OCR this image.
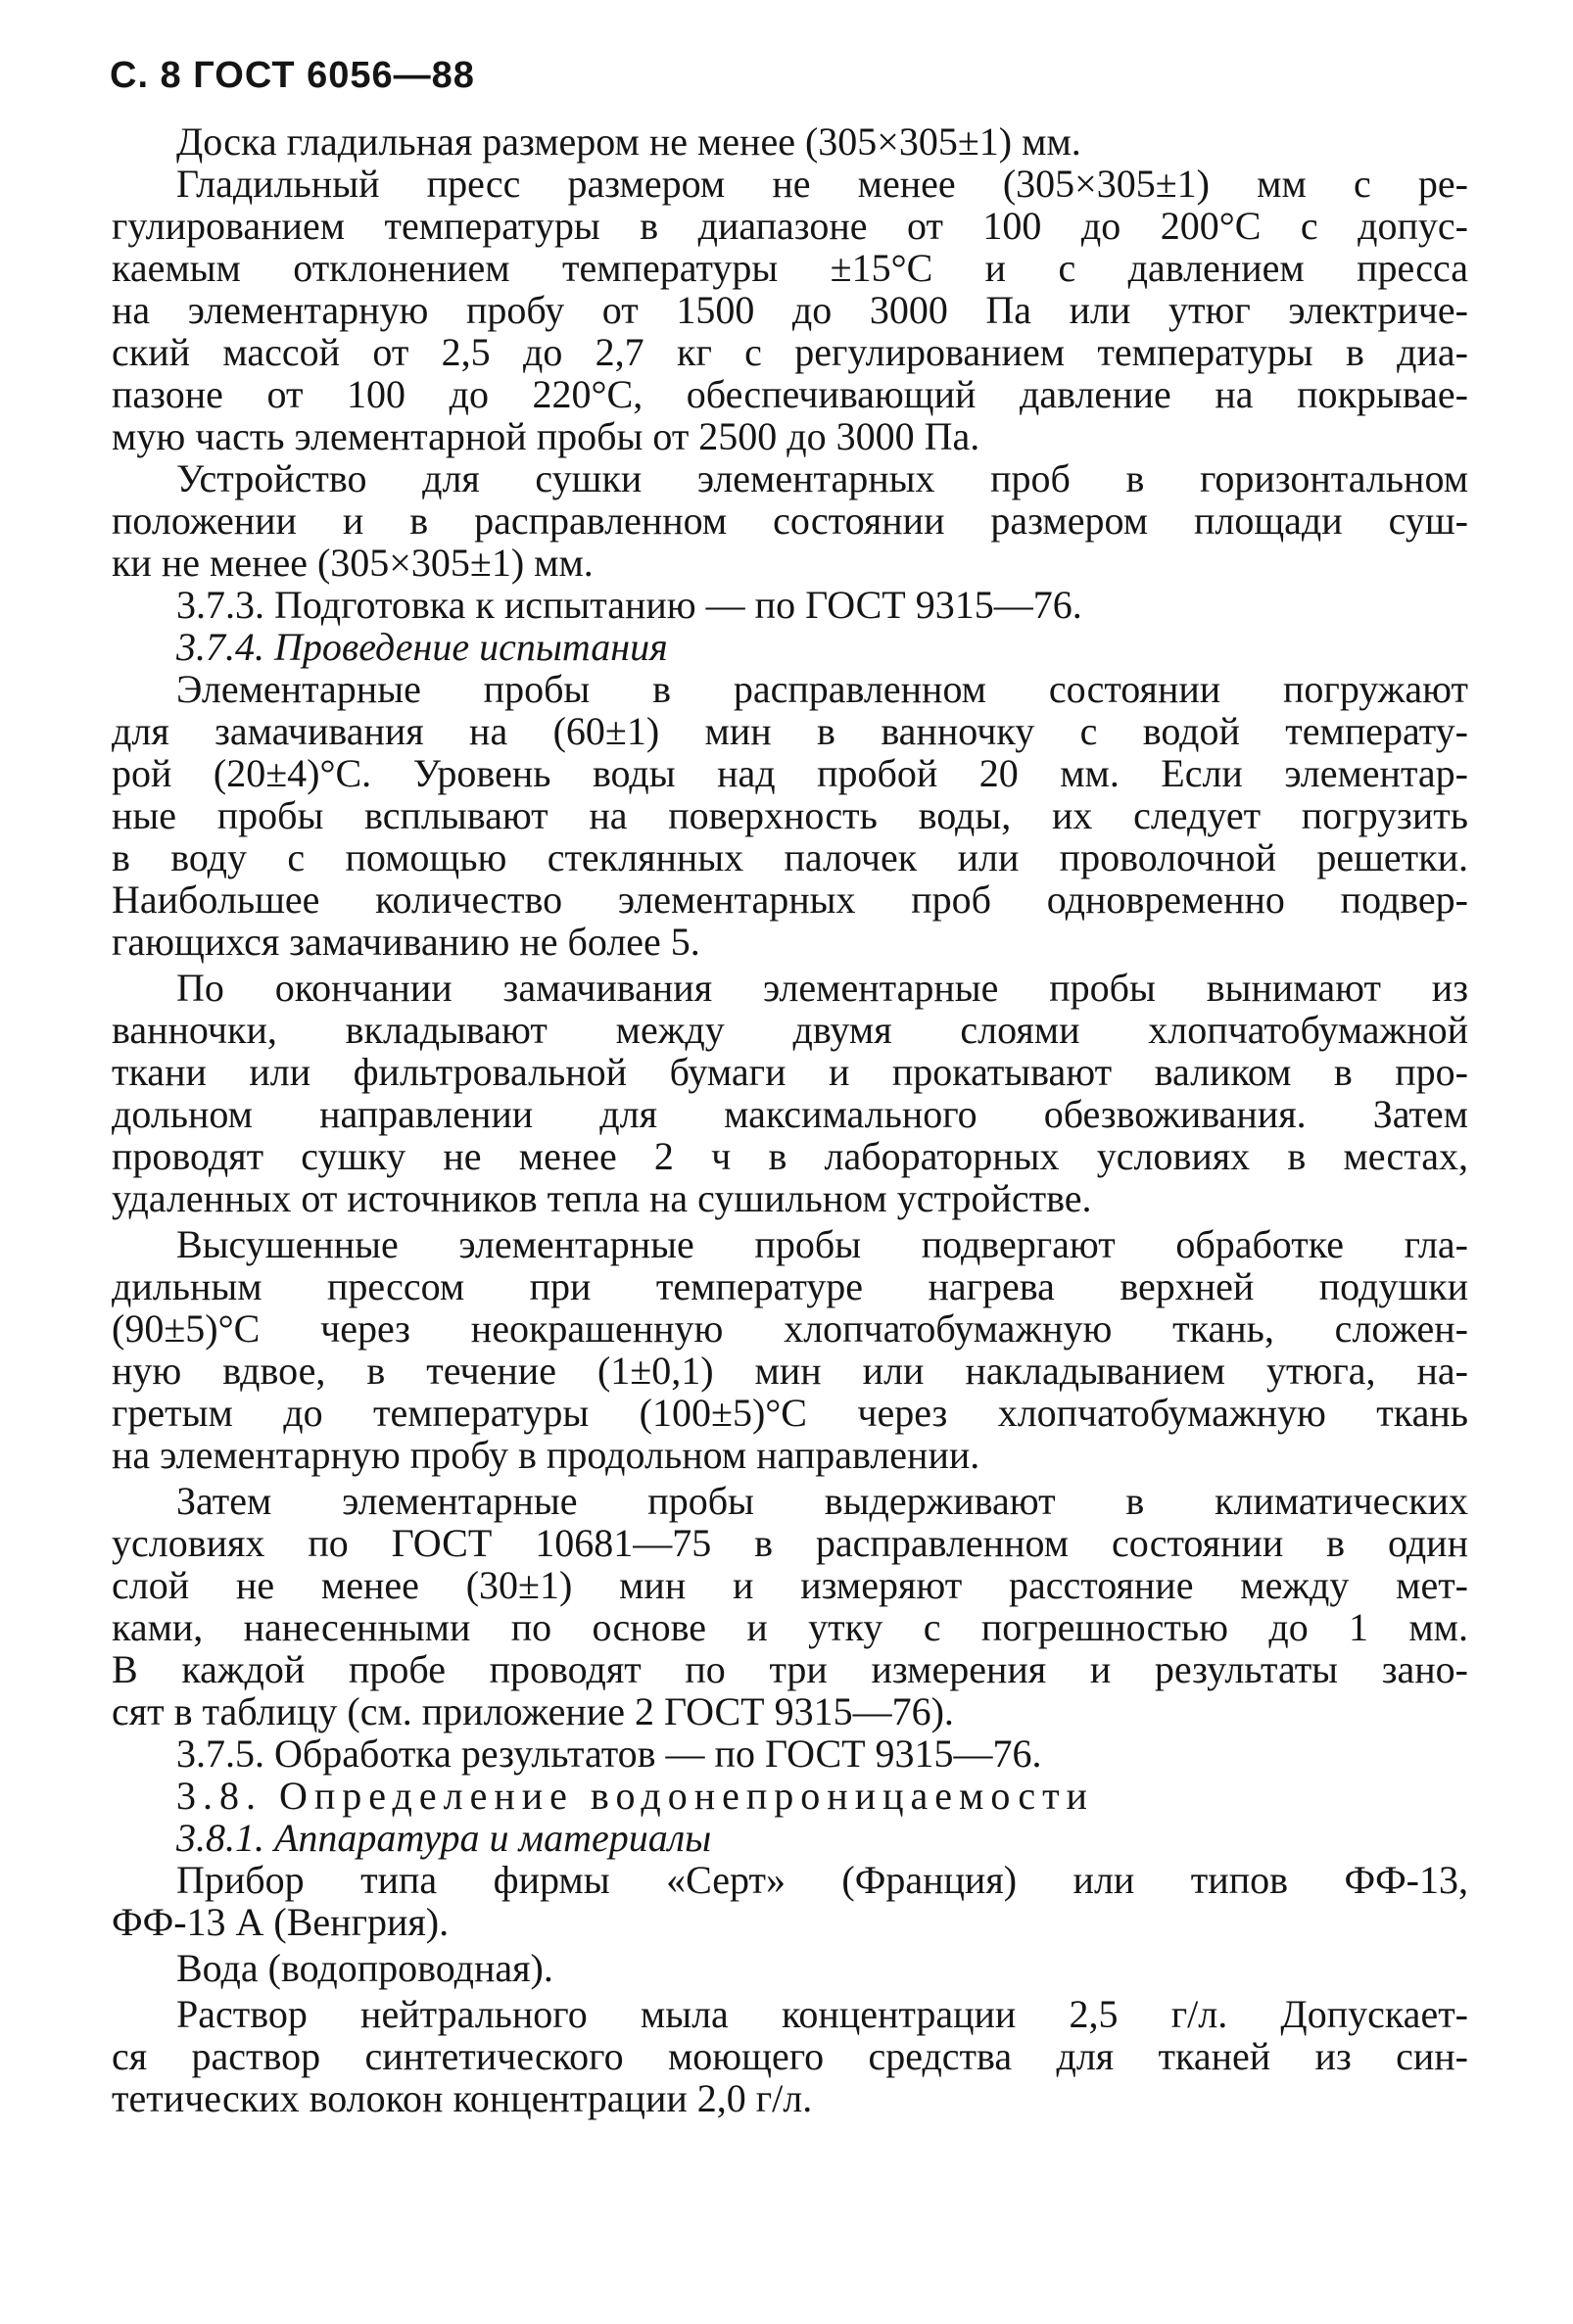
С. 8 ГОСТ 6056—88
Доска гладильная размером не менее (305×305±1) мм.
Гладильный пресс размером не менее (305×305±1) мм с ре-
гулированием температуры в диапазоне от 100 до 200°С с допус-
каемым отклонением температуры ±15°С и с давлением пресса
на элементарную пробу от 1500 до 3000 Па или утюг электриче-
ский массой от 2,5 до 2,7 кг с регулированием температуры в диа-
пазоне от 100 до 220°С, обеспечивающий давление на покрывае-
мую часть элементарной пробы от 2500 до 3000 Па.
Устройство для сушки элементарных проб в горизонтальном
положении и в расправленном состоянии размером площади суш-
ки не менее (305×305±1) мм.
3.7.3. Подготовка к испытанию — по ГОСТ 9315—76.
3.7.4. Проведение испытания
Элементарные пробы в расправленном состоянии погружают
для замачивания на (60±1) мин в ванночку с водой температу-
рой (20±4)°С. Уровень воды над пробой 20 мм. Если элементар-
ные пробы всплывают на поверхность воды, их следует погрузить
в воду с помощью стеклянных палочек или проволочной решетки.
Наибольшее количество элементарных проб одновременно подвер-
гающихся замачиванию не более 5.
По окончании замачивания элементарные пробы вынимают из
ванночки, вкладывают между двумя слоями хлопчатобумажной
ткани или фильтровальной бумаги и прокатывают валиком в про-
дольном направлении для максимального обезвоживания. Затем
проводят сушку не менее 2 ч в лабораторных условиях в местах,
удаленных от источников тепла на сушильном устройстве.
Высушенные элементарные пробы подвергают обработке гла-
дильным прессом при температуре нагрева верхней подушки
(90±5)°С через неокрашенную хлопчатобумажную ткань, сложен-
ную вдвое, в течение (1±0,1) мин или накладыванием утюга, на-
гретым до температуры (100±5)°С через хлопчатобумажную ткань
на элементарную пробу в продольном направлении.
Затем элементарные пробы выдерживают в климатических
условиях по ГОСТ 10681—75 в расправленном состоянии в один
слой не менее (30±1) мин и измеряют расстояние между мет-
ками, нанесенными по основе и утку с погрешностью до 1 мм.
В каждой пробе проводят по три измерения и результаты зано-
сят в таблицу (см. приложение 2 ГОСТ 9315—76).
3.7.5. Обработка результатов — по ГОСТ 9315—76.
3.8. Определение водонепроницаемости
3.8.1. Аппаратура и материалы
Прибор типа фирмы «Серт» (Франция) или типов ФФ-13,
ФФ-13 А (Венгрия).
Вода (водопроводная).
Раствор нейтрального мыла концентрации 2,5 г/л. Допускает-
ся раствор синтетического моющего средства для тканей из син-
тетических волокон концентрации 2,0 г/л.
